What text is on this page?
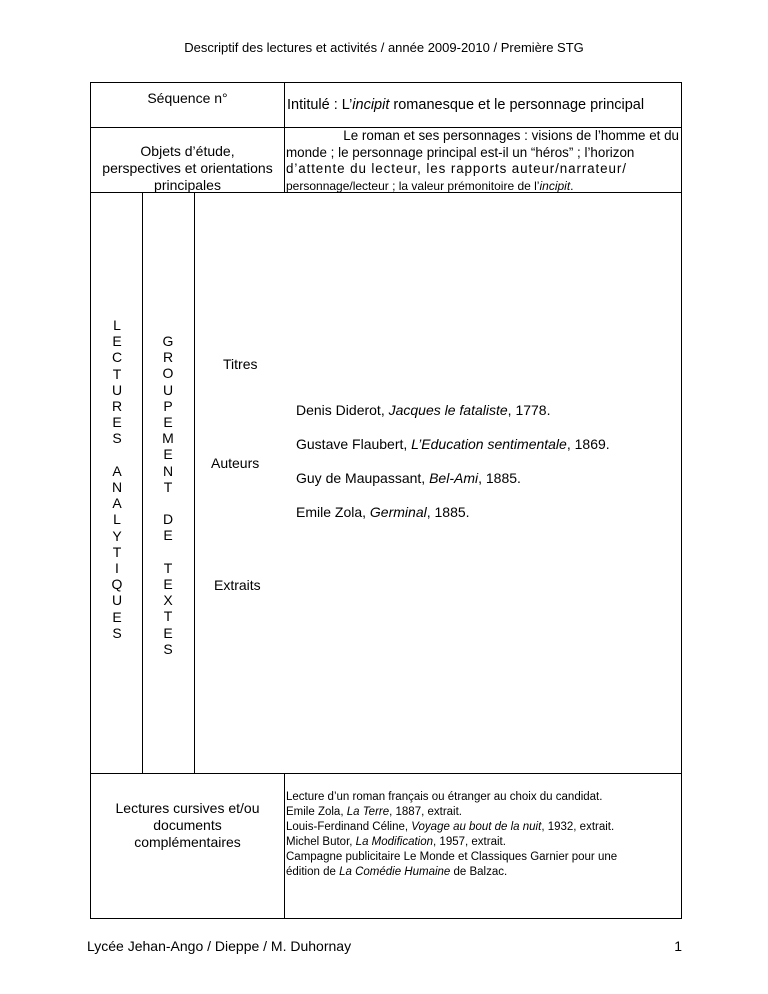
Descriptif des lectures et activités / année 2009-2010 / Première STG
Séquence n°	Intitulé : L’incipit romanesque et le personnage principal
Objets d’étude,
perspectives et orientations
principales
Le roman et ses personnages : visions de l’homme et du
monde ; le personnage principal est-il un “héros” ; l’horizon
d’attente du lecteur, les rapports auteur/narrateur/
personnage/lecteur ; la valeur prémonitoire de l’incipit.
L
E
C
T
U
R
E
S

A
N
A
L
Y
T
I
Q
U
E
S
G
R
O
U
P
E
M
E
N
T

D
E

T
E
X
T
E
S
Titres
Auteurs
Extraits
Denis Diderot, Jacques le fataliste, 1778.
Gustave Flaubert, L’Education sentimentale, 1869.
Guy de Maupassant, Bel-Ami, 1885.
Emile Zola, Germinal, 1885.
Lectures cursives et/ou
documents
complémentaires
Lecture d’un roman français ou étranger au choix du candidat.
Emile Zola, La Terre, 1887, extrait.
Louis-Ferdinand Céline, Voyage au bout de la nuit, 1932, extrait.
Michel Butor, La Modification, 1957, extrait.
Campagne publicitaire Le Monde et Classiques Garnier pour une
édition de La Comédie Humaine de Balzac.
Lycée Jehan-Ango / Dieppe / M. Duhornay	1
